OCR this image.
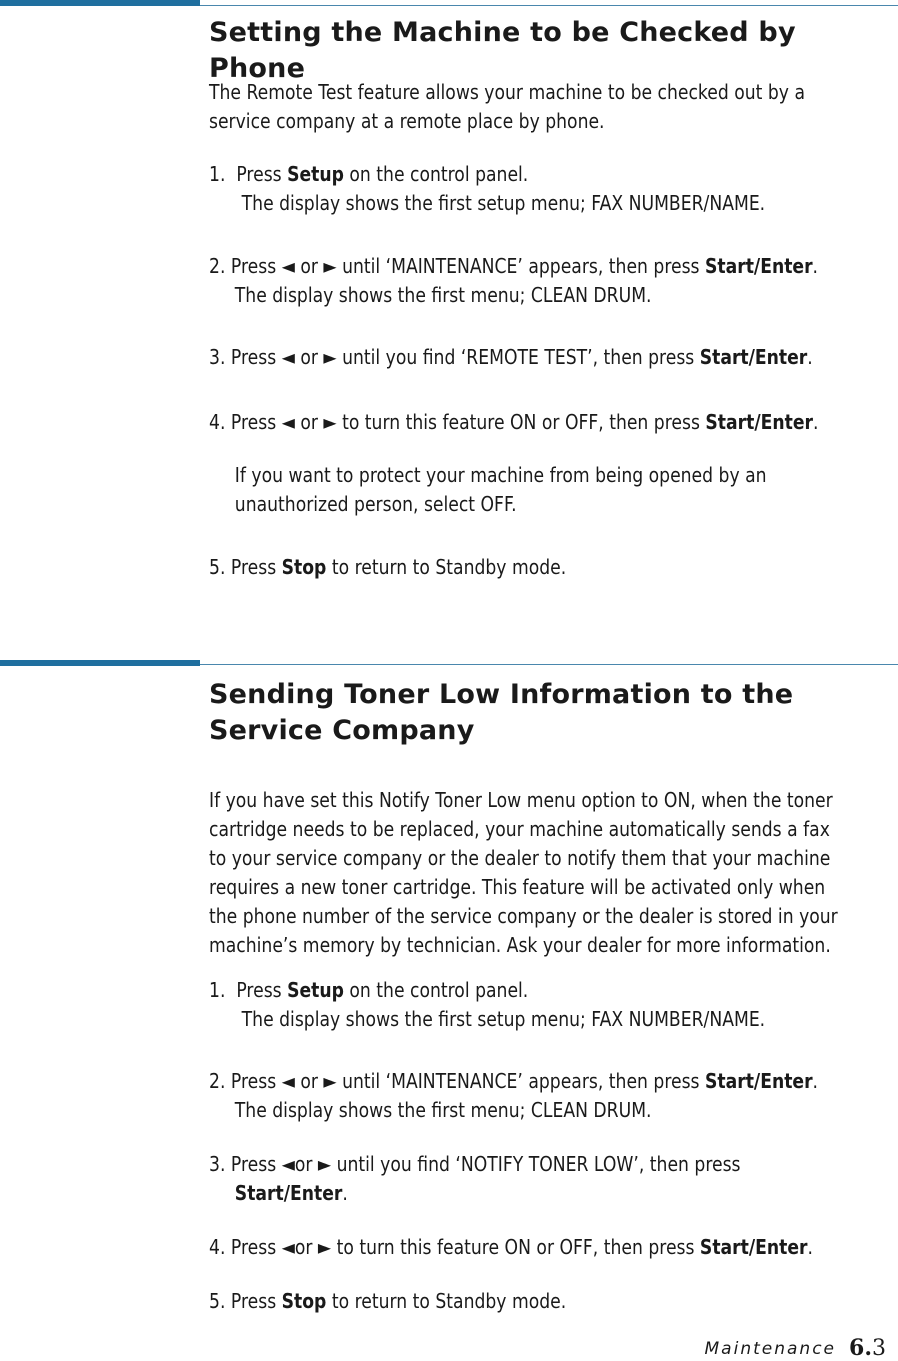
Setting the Machine to be Checked by Phone

The Remote Test feature allows your machine to be checked out by a

service company at a remote place by phone.

1. Press Setup on the control panel.

The display shows the first setup menu; FAX NUMBER/NAME.

2. Press ◄ or ► until ‘MAINTENANCE’ appears, then press Start/Enter.

The display shows the first menu; CLEAN DRUM.

3. Press ◄ or ► until you find ‘REMOTE TEST’, then press Start/Enter.

4. Press ◄ or ► to turn this feature ON or OFF, then press Start/Enter.

If you want to protect your machine from being opened by an

unauthorized person, select OFF.

5. Press Stop to return to Standby mode.

Sending Toner Low Information to the
Service Company

If you have set this Notify Toner Low menu option to ON, when the toner

cartridge needs to be replaced, your machine automatically sends a fax

to your service company or the dealer to notify them that your machine

requires a new toner cartridge. This feature will be activated only when

the phone number of the service company or the dealer is stored in your

machine’s memory by technician. Ask your dealer for more information.

1. Press Setup on the control panel.

The display shows the first setup menu; FAX NUMBER/NAME.

2. Press ◄ or ► until ‘MAINTENANCE’ appears, then press Start/Enter.

The display shows the first menu; CLEAN DRUM.

3. Press ◄or ► until you find ‘NOTIFY TONER LOW’, then press

Start/Enter.

4. Press ◄or ► to turn this feature ON or OFF, then press Start/Enter.

5. Press Stop to return to Standby mode.

Maintenance 6.3
